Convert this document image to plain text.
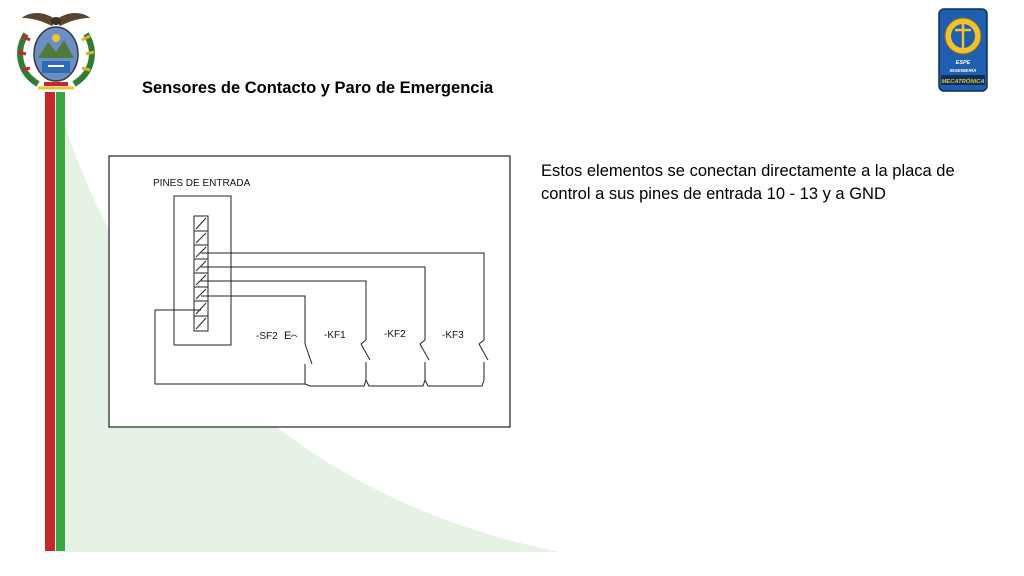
ESPE
INGENIERÍA
MECATRÓNICA
Sensores de Contacto y Paro de Emergencia
Estos elementos se conectan directamente a la placa de control a sus pines de entrada 10 - 13 y a GND
PINES DE ENTRADA
-SF2 E	-KF1	-KF2	-KF3
